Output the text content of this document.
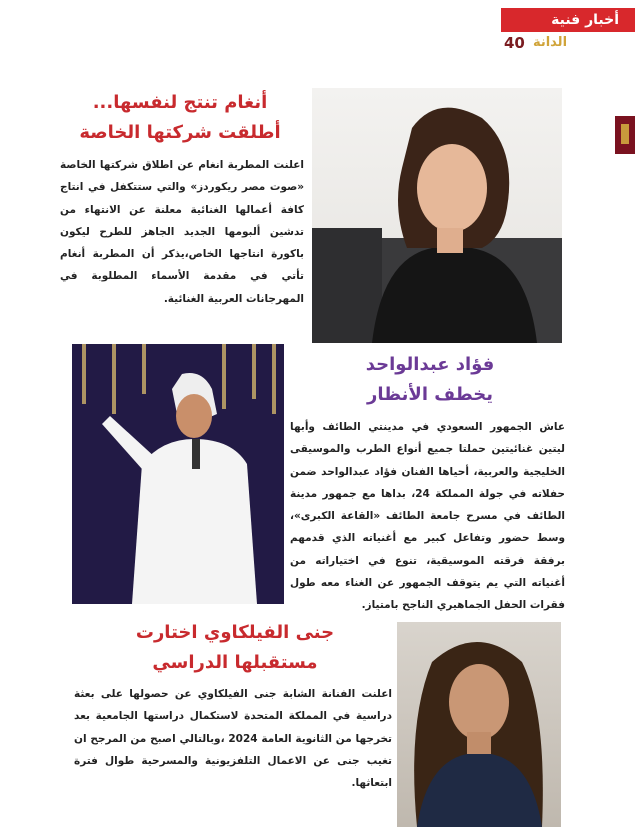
أخبار فنية
40 الدانة
أنغام تنتج لنفسها...
أطلقت شركتها الخاصة
اعلنت المطربة انغام عن اطلاق شركتها الخاصة «صوت مصر ريكوردز» والتي ستتكفل في انتاج كافة أعمالها الغنائية معلنة عن الانتهاء من تدشين ألبومها الجديد الجاهز للطرح ليكون باكورة انتاجها الخاص،يذكر أن المطربة أنغام تأتي في مقدمة الأسماء المطلوبة في المهرجانات العربية الغنائية.
فؤاد عبدالواحد
يخطف الأنظار
عاش الجمهور السعودي في مدينتي الطائف وأبها ليتين غنائيتين حملتا جميع أنواع الطرب والموسيقى الخليجية والعربية، أحياها الفنان فؤاد عبدالواحد ضمن حفلاته في جولة المملكة 24، بداها مع جمهور مدينة الطائف في مسرح جامعة الطائف «القاعة الكبرى»، وسط حضور وتفاعل كبير مع أغنياته الذي قدمهم برفقة فرقته الموسيقية، تنوع في اختياراته من أغنياته التي يم يتوقف الجمهور عن الغناء معه طول فقرات الحفل الجماهيري الناجح بامتياز.
جنى الفيلكاوي اختارت
مستقبلها الدراسي
اعلنت الفنانة الشابة جنى الفيلكاوي عن حصولها على بعثة دراسية في المملكة المتحدة لاستكمال دراستها الجامعية بعد تخرجها من الثانوية العامة 2024 ،وبالتالي اصبح من المرجح ان تغيب جنى عن الاعمال التلفزيونية والمسرحية طوال فترة ابتعاثها.
